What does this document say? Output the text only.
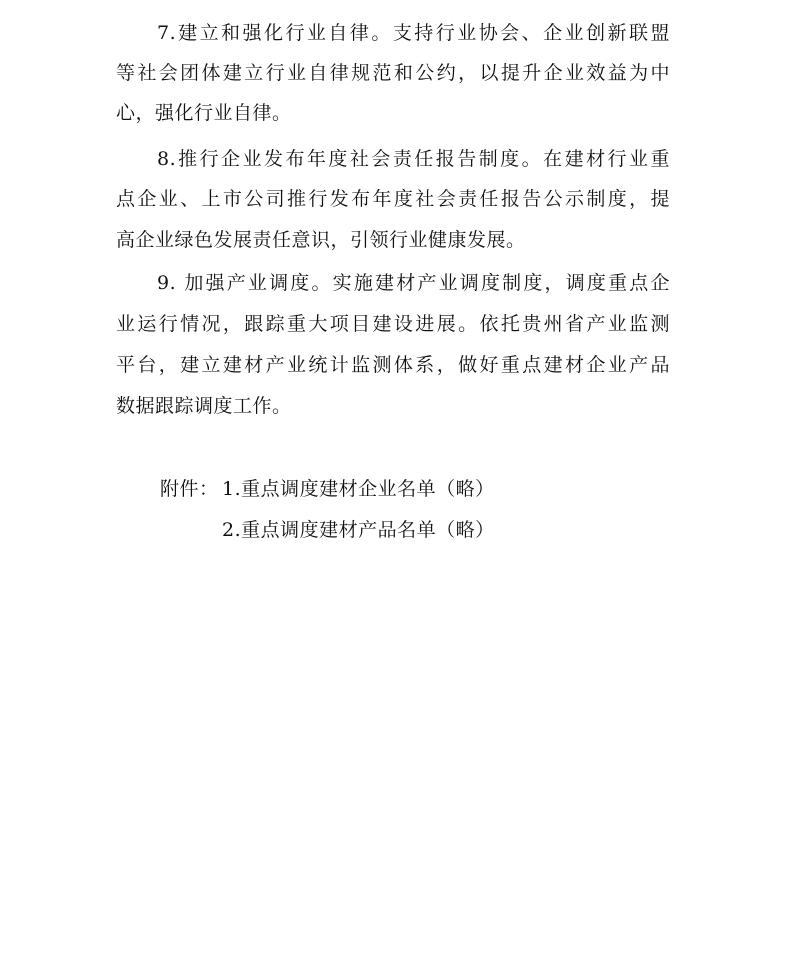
7.建立和强化行业自律。支持行业协会、企业创新联盟
等社会团体建立行业自律规范和公约，以提升企业效益为中
心，强化行业自律。
8.推行企业发布年度社会责任报告制度。在建材行业重
点企业、上市公司推行发布年度社会责任报告公示制度，提
高企业绿色发展责任意识，引领行业健康发展。
9. 加强产业调度。实施建材产业调度制度，调度重点企
业运行情况，跟踪重大项目建设进展。依托贵州省产业监测
平台，建立建材产业统计监测体系，做好重点建材企业产品
数据跟踪调度工作。
附件： 1.重点调度建材企业名单（略）
2.重点调度建材产品名单（略）
